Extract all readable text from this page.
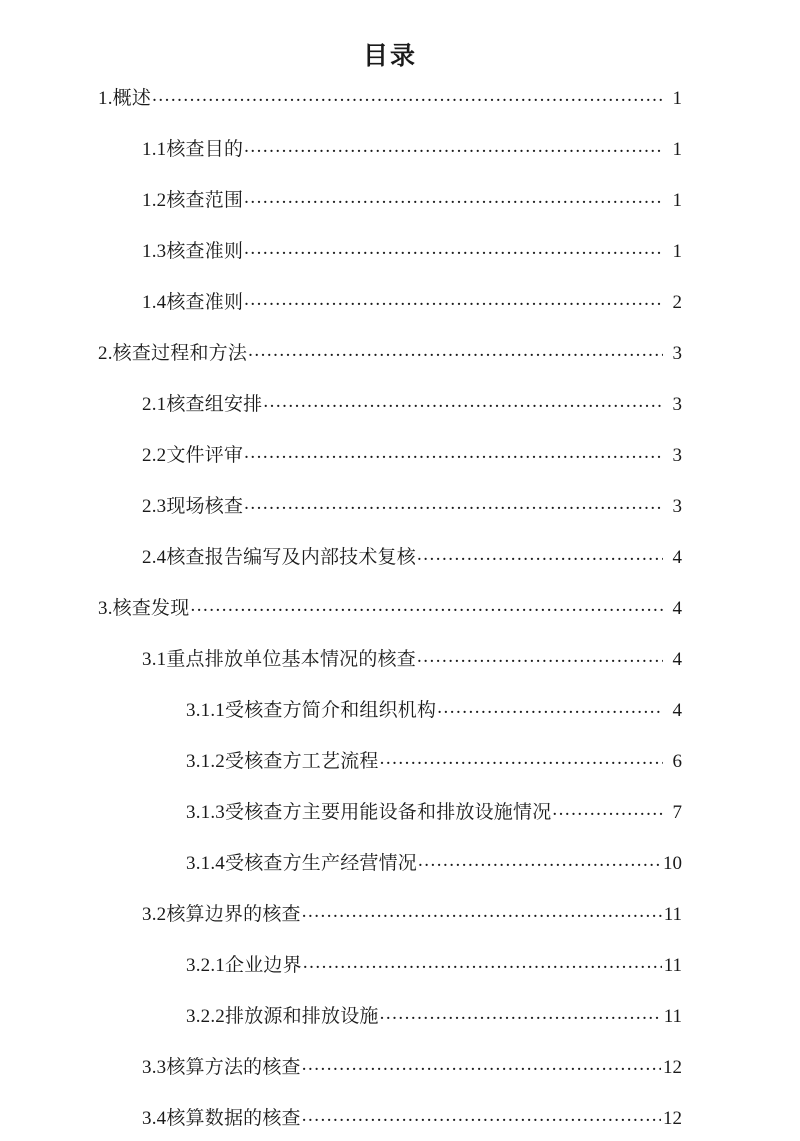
目录
1.概述 .....	1
1.1核查目的 .....	1
1.2核查范围 .....	1
1.3核查准则 .....	1
1.4核查准则 .....	2
2.核查过程和方法 .....	3
2.1核查组安排 .....	3
2.2文件评审 .....	3
2.3现场核查 .....	3
2.4核查报告编写及内部技术复核 .....	4
3.核查发现 .....	4
3.1重点排放单位基本情况的核查 .....	4
3.1.1受核查方简介和组织机构 .....	4
3.1.2受核查方工艺流程 .....	6
3.1.3受核查方主要用能设备和排放设施情况 .....	7
3.1.4受核查方生产经营情况 .....	10
3.2核算边界的核查 .....	11
3.2.1企业边界 .....	11
3.2.2排放源和排放设施 .....	11
3.3核算方法的核查 .....	12
3.4核算数据的核查 .....	12
